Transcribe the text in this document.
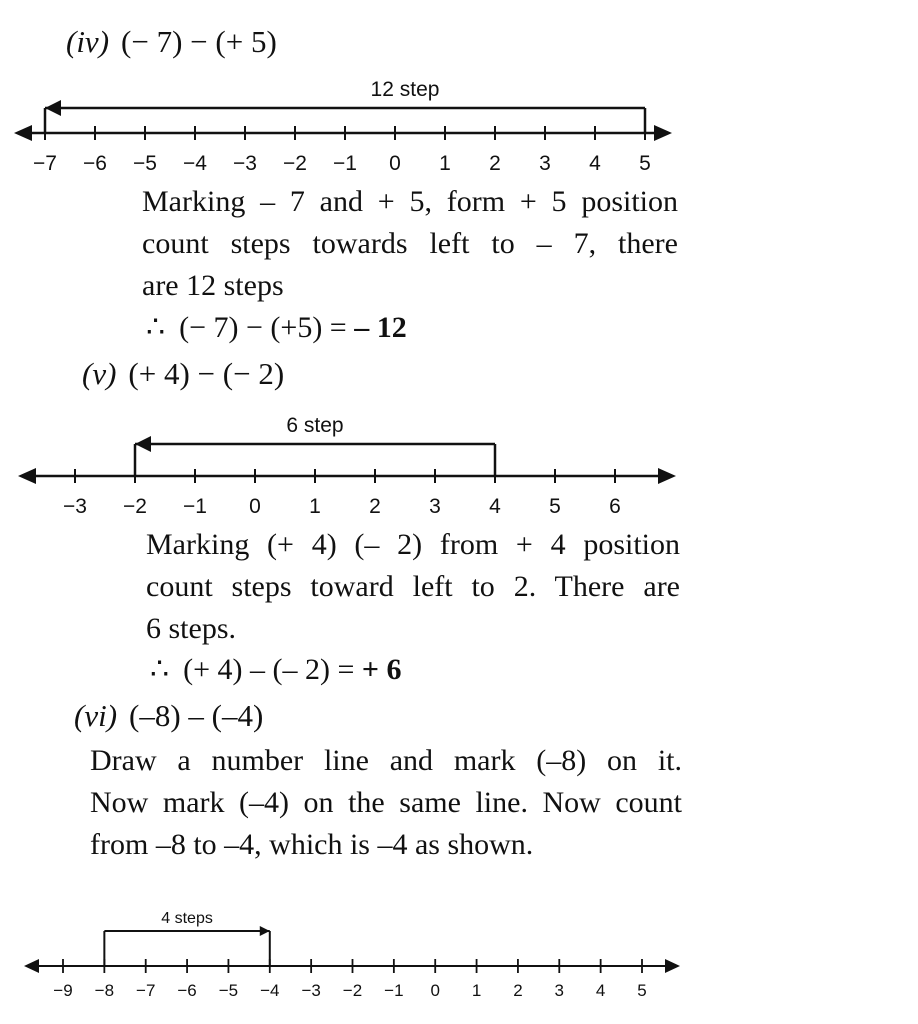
(iv) (− 7) − (+ 5)
12 step
−7 −6 −5 −4 −3 −2 −1 0 1 2 3 4 5
Marking – 7 and + 5, form + 5 position
count steps towards left to – 7, there
are 12 steps
∴ (− 7) − (+5) = – 12
(v) (+ 4) − (− 2)
6 step
−3 −2 −1 0 1 2 3 4 5 6
Marking (+ 4) (– 2) from + 4 position
count steps toward left to 2. There are
6 steps.
∴ (+ 4) – (– 2) = + 6
(vi) (–8) – (–4)
Draw a number line and mark (–8) on it.
Now mark (–4) on the same line. Now count
from –8 to –4, which is –4 as shown.
4 steps
−9 −8 −7 −6 −5 −4 −3 −2 −1 0 1 2 3 4 5
